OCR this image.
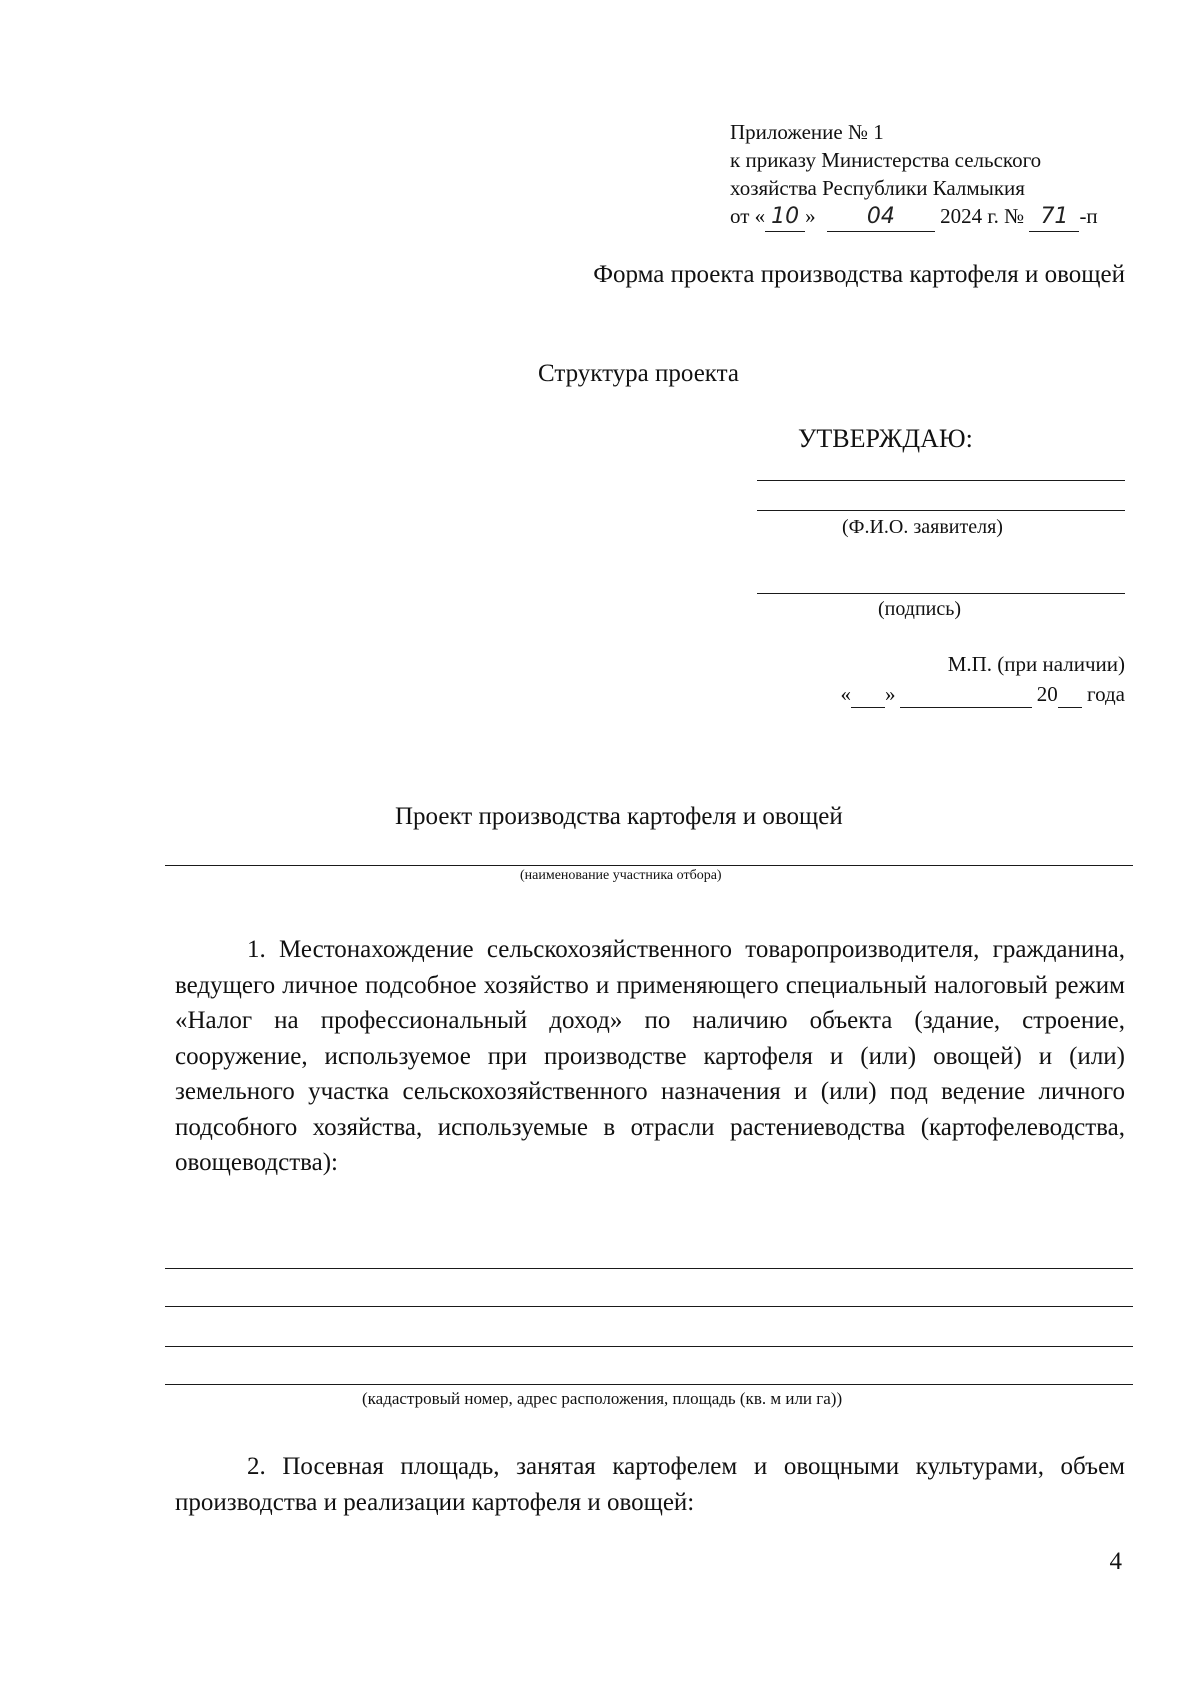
Приложение № 1
к приказу Министерства сельского
хозяйства Республики Калмыкия
от « 10 » 04 2024 г. № 71 -п
Форма проекта производства картофеля и овощей
Структура проекта
УТВЕРЖДАЮ:
(Ф.И.О. заявителя)
(подпись)
М.П. (при наличии)
« »	20 года
Проект производства картофеля и овощей
(наименование участника отбора)
1. Местонахождение сельскохозяйственного товаропроизводителя, гражданина, ведущего личное подсобное хозяйство и применяющего специальный налоговый режим «Налог на профессиональный доход» по наличию объекта (здание, строение, сооружение, используемое при производстве картофеля и (или) овощей) и (или) земельного участка сельскохозяйственного назначения и (или) под ведение личного подсобного хозяйства, используемые в отрасли растениеводства (картофелеводства, овощеводства):
(кадастровый номер, адрес расположения, площадь (кв. м или га))
2. Посевная площадь, занятая картофелем и овощными культурами, объем производства и реализации картофеля и овощей:
4
